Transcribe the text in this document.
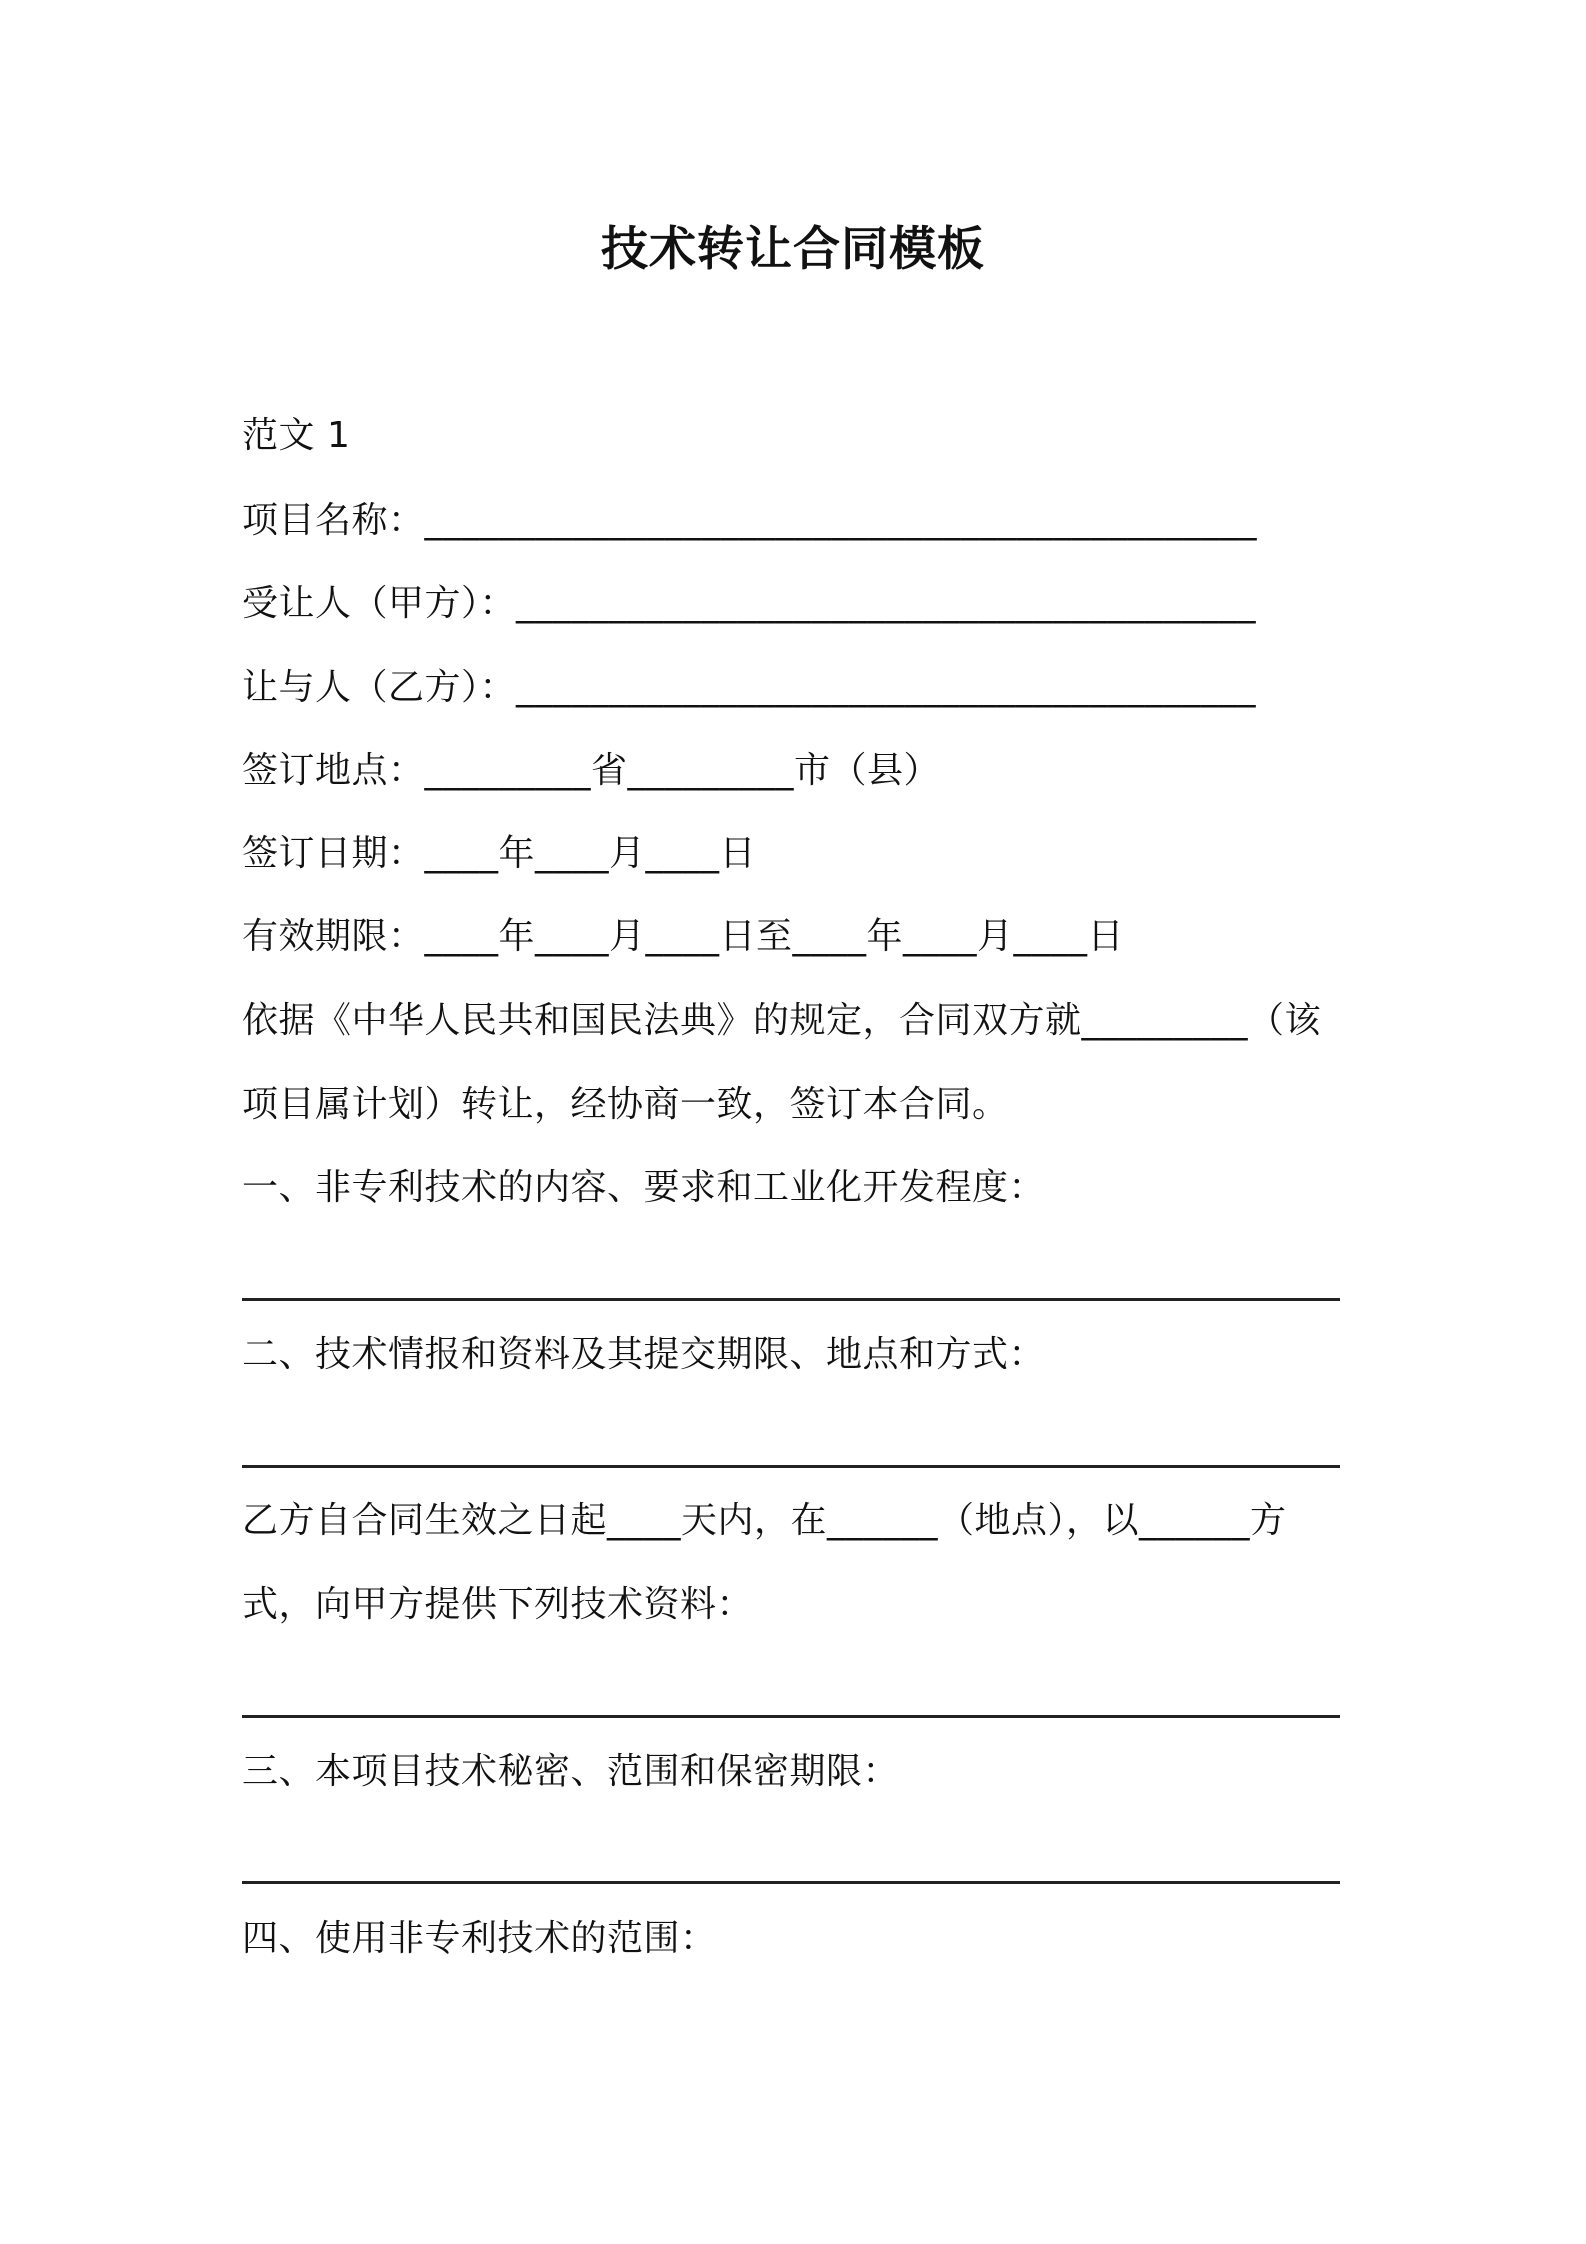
技术转让合同模板
范文 1
项目名称：_____________________________________________
受让人（甲方）：________________________________________
让与人（乙方）：________________________________________
签订地点：_________省_________市（县）
签订日期：____年____月____日
有效期限：____年____月____日至____年____月____日
依据《中华人民共和国民法典》的规定，合同双方就_________（该
项目属计划）转让，经协商一致，签订本合同。
一、非专利技术的内容、要求和工业化开发程度：
二、技术情报和资料及其提交期限、地点和方式：
乙方自合同生效之日起____天内，在______（地点），以______方
式，向甲方提供下列技术资料：
三、本项目技术秘密、范围和保密期限：
四、使用非专利技术的范围：
